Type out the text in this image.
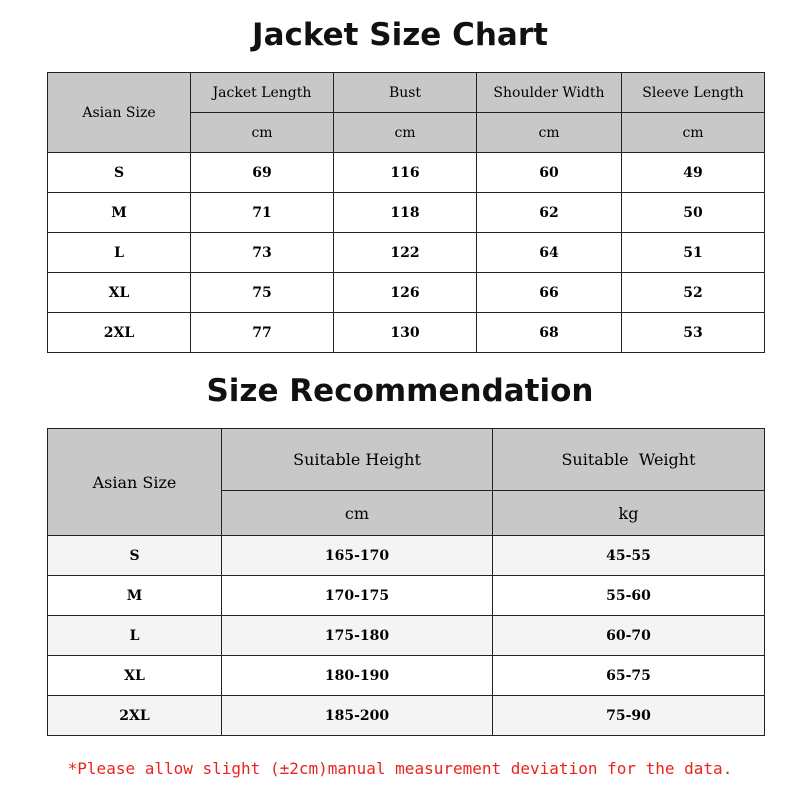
Jacket Size Chart
Asian Size	Jacket Length	Bust	Shoulder Width	Sleeve Length
	cm	cm	cm	cm
S	69	116	60	49
M	71	118	62	50
L	73	122	64	51
XL	75	126	66	52
2XL	77	130	68	53
Size Recommendation
Asian Size	Suitable Height	Suitable  Weight
	cm	kg
S	165-170	45-55
M	170-175	55-60
L	175-180	60-70
XL	180-190	65-75
2XL	185-200	75-90

*Please allow slight (±2cm)manual measurement deviation for the data.
